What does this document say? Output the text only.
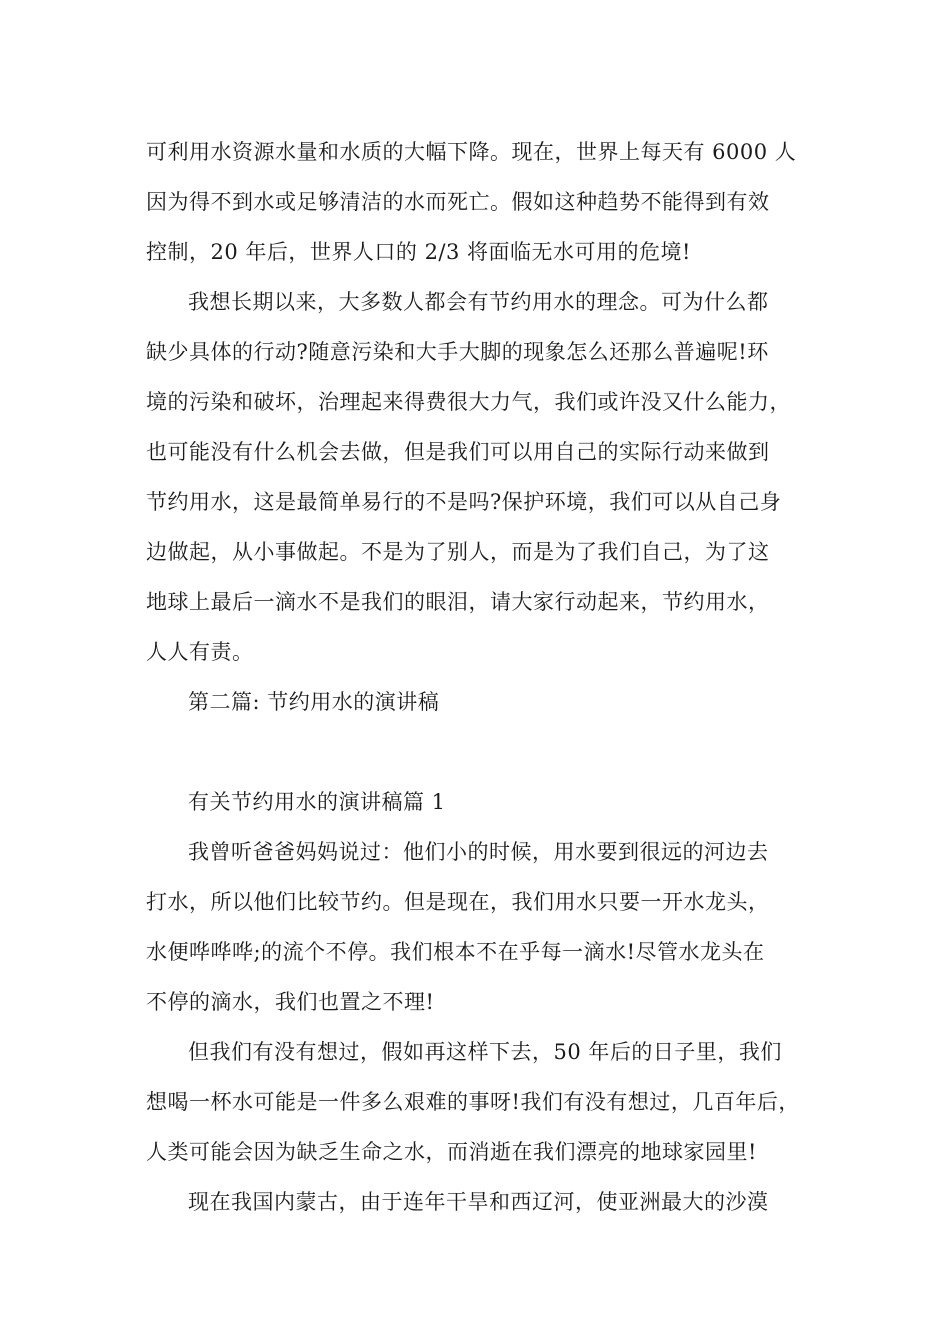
可利用水资源水量和水质的大幅下降。现在，世界上每天有 6000 人
因为得不到水或足够清洁的水而死亡。假如这种趋势不能得到有效
控制，20 年后，世界人口的 2/3 将面临无水可用的危境!
我想长期以来，大多数人都会有节约用水的理念。可为什么都
缺少具体的行动?随意污染和大手大脚的现象怎么还那么普遍呢!环
境的污染和破坏，治理起来得费很大力气，我们或许没又什么能力，
也可能没有什么机会去做，但是我们可以用自己的实际行动来做到
节约用水，这是最简单易行的不是吗?保护环境，我们可以从自己身
边做起，从小事做起。不是为了别人，而是为了我们自己，为了这
地球上最后一滴水不是我们的眼泪，请大家行动起来，节约用水，
人人有责。
第二篇: 节约用水的演讲稿
有关节约用水的演讲稿篇 1
我曾听爸爸妈妈说过：他们小的时候，用水要到很远的河边去
打水，所以他们比较节约。但是现在，我们用水只要一开水龙头，
水便哗哗哗;的流个不停。我们根本不在乎每一滴水!尽管水龙头在
不停的滴水，我们也置之不理!
但我们有没有想过，假如再这样下去，50 年后的日子里，我们
想喝一杯水可能是一件多么艰难的事呀!我们有没有想过，几百年后，
人类可能会因为缺乏生命之水，而消逝在我们漂亮的地球家园里!
现在我国内蒙古，由于连年干旱和西辽河，使亚洲最大的沙漠
